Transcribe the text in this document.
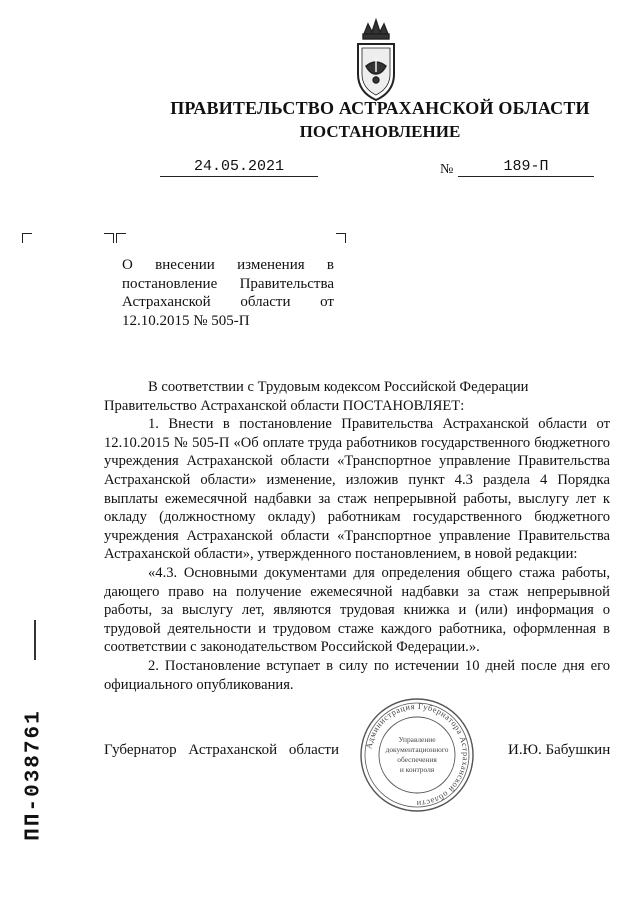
ПРАВИТЕЛЬСТВО АСТРАХАНСКОЙ ОБЛАСТИ
ПОСТАНОВЛЕНИЕ
24.05.2021	№	189-П
О внесении изменения в постановление Правительства Астраханской области от 12.10.2015 № 505-П

В соответствии с Трудовым кодексом Российской Федерации

Правительство Астраханской области ПОСТАНОВЛЯЕТ:

1. Внести в постановление Правительства Астраханской области от 12.10.2015 № 505-П «Об оплате труда работников государственного бюджетного учреждения Астраханской области «Транспортное управление Правительства Астраханской области» изменение, изложив пункт 4.3 раздела 4 Порядка выплаты ежемесячной надбавки за стаж непрерывной работы, выслугу лет к окладу (должностному окладу) работникам государственного бюджетного учреждения Астраханской области «Транспортное управление Правительства Астраханской области», утвержденного постановлением, в новой редакции:

«4.3. Основными документами для определения общего стажа работы, дающего право на получение ежемесячной надбавки за стаж непрерывной работы, за выслугу лет, являются трудовая книжка и (или) информация о трудовой деятельности и трудовом стаже каждого работника, оформленная в соответствии с законодательством Российской Федерации.».

2. Постановление вступает в силу по истечении 10 дней после дня его официального опубликования.

Губернатор Астраханской области	И.Ю. Бабушкин
Администрация Губернатора Астраханской области
Управление
документационного
обеспечения
и контроля
ПП-038761
